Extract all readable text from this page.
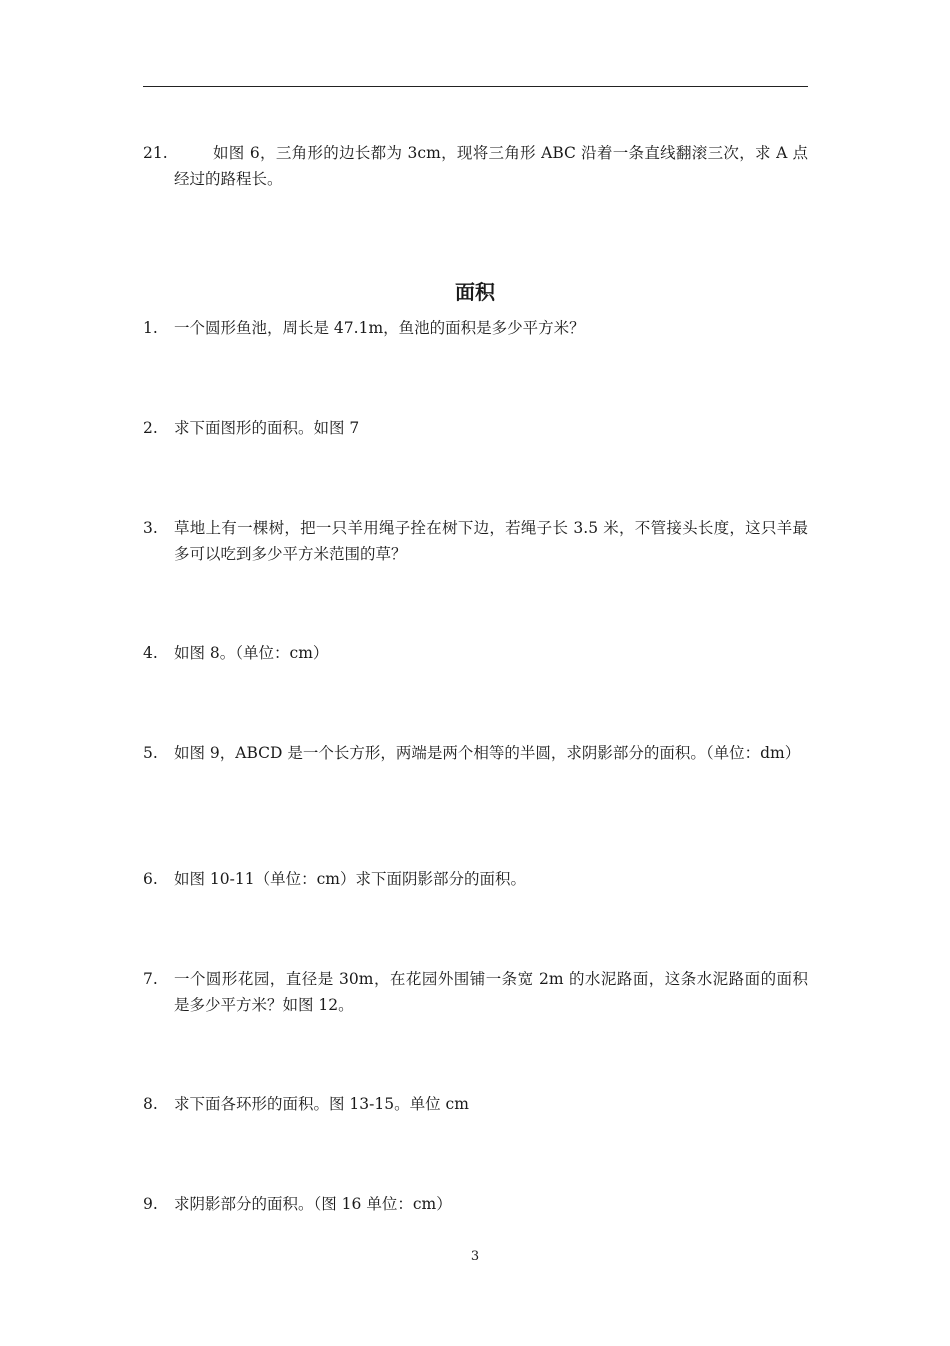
21.	如图 6，三角形的边长都为 3cm，现将三角形 ABC 沿着一条直线翻滚三次，求 A 点经过的路程长。
面积
1. 一个圆形鱼池，周长是 47.1m，鱼池的面积是多少平方米？
2. 求下面图形的面积。如图 7
3. 草地上有一棵树，把一只羊用绳子拴在树下边，若绳子长 3.5 米，不管接头长度，这只羊最多可以吃到多少平方米范围的草？
4. 如图 8。（单位：cm）
5. 如图 9，ABCD 是一个长方形，两端是两个相等的半圆，求阴影部分的面积。（单位：dm）
6. 如图 10-11（单位：cm）求下面阴影部分的面积。
7. 一个圆形花园，直径是 30m，在花园外围铺一条宽 2m 的水泥路面，这条水泥路面的面积 是多少平方米？如图 12。
8. 求下面各环形的面积。图 13-15。单位 cm
9. 求阴影部分的面积。（图 16 单位：cm）
3
